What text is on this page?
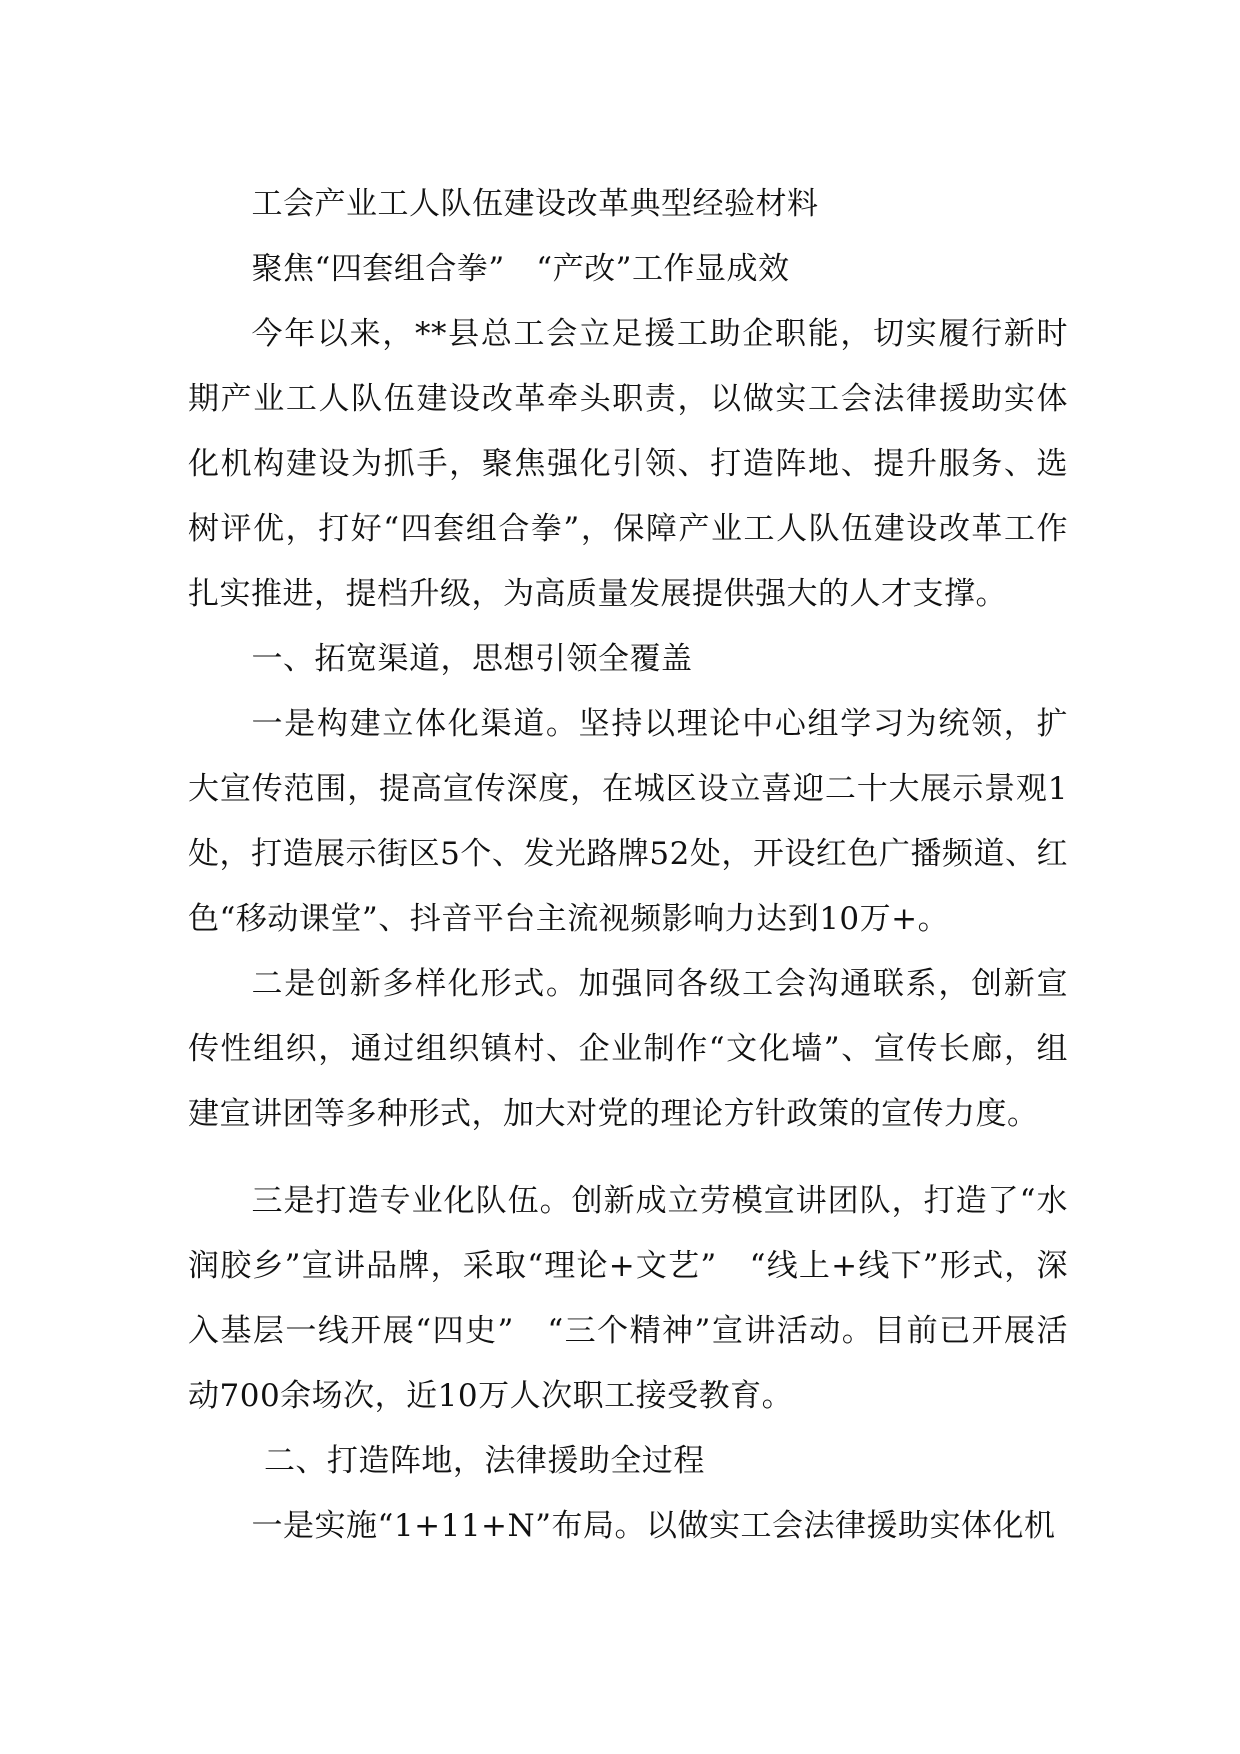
工会产业工人队伍建设改革典型经验材料

聚焦“四套组合拳”　“产改”工作显成效

今年以来，**县总工会立足援工助企职能，切实履行新时期产业工人队伍建设改革牵头职责，以做实工会法律援助实体化机构建设为抓手，聚焦强化引领、打造阵地、提升服务、选树评优，打好“四套组合拳”，保障产业工人队伍建设改革工作扎实推进，提档升级，为高质量发展提供强大的人才支撑。

一、拓宽渠道，思想引领全覆盖

一是构建立体化渠道。坚持以理论中心组学习为统领，扩大宣传范围，提高宣传深度，在城区设立喜迎二十大展示景观1处，打造展示街区5个、发光路牌52处，开设红色广播频道、红色“移动课堂”、抖音平台主流视频影响力达到10万+。

二是创新多样化形式。加强同各级工会沟通联系，创新宣传性组织，通过组织镇村、企业制作“文化墙”、宣传长廊，组建宣讲团等多种形式，加大对党的理论方针政策的宣传力度。

三是打造专业化队伍。创新成立劳模宣讲团队，打造了“水润胶乡”宣讲品牌，采取“理论+文艺”　“线上+线下”形式，深入基层一线开展“四史”　“三个精神”宣讲活动。目前已开展活动700余场次，近10万人次职工接受教育。

二、打造阵地，法律援助全过程

一是实施“1+11+N”布局。以做实工会法律援助实体化机
